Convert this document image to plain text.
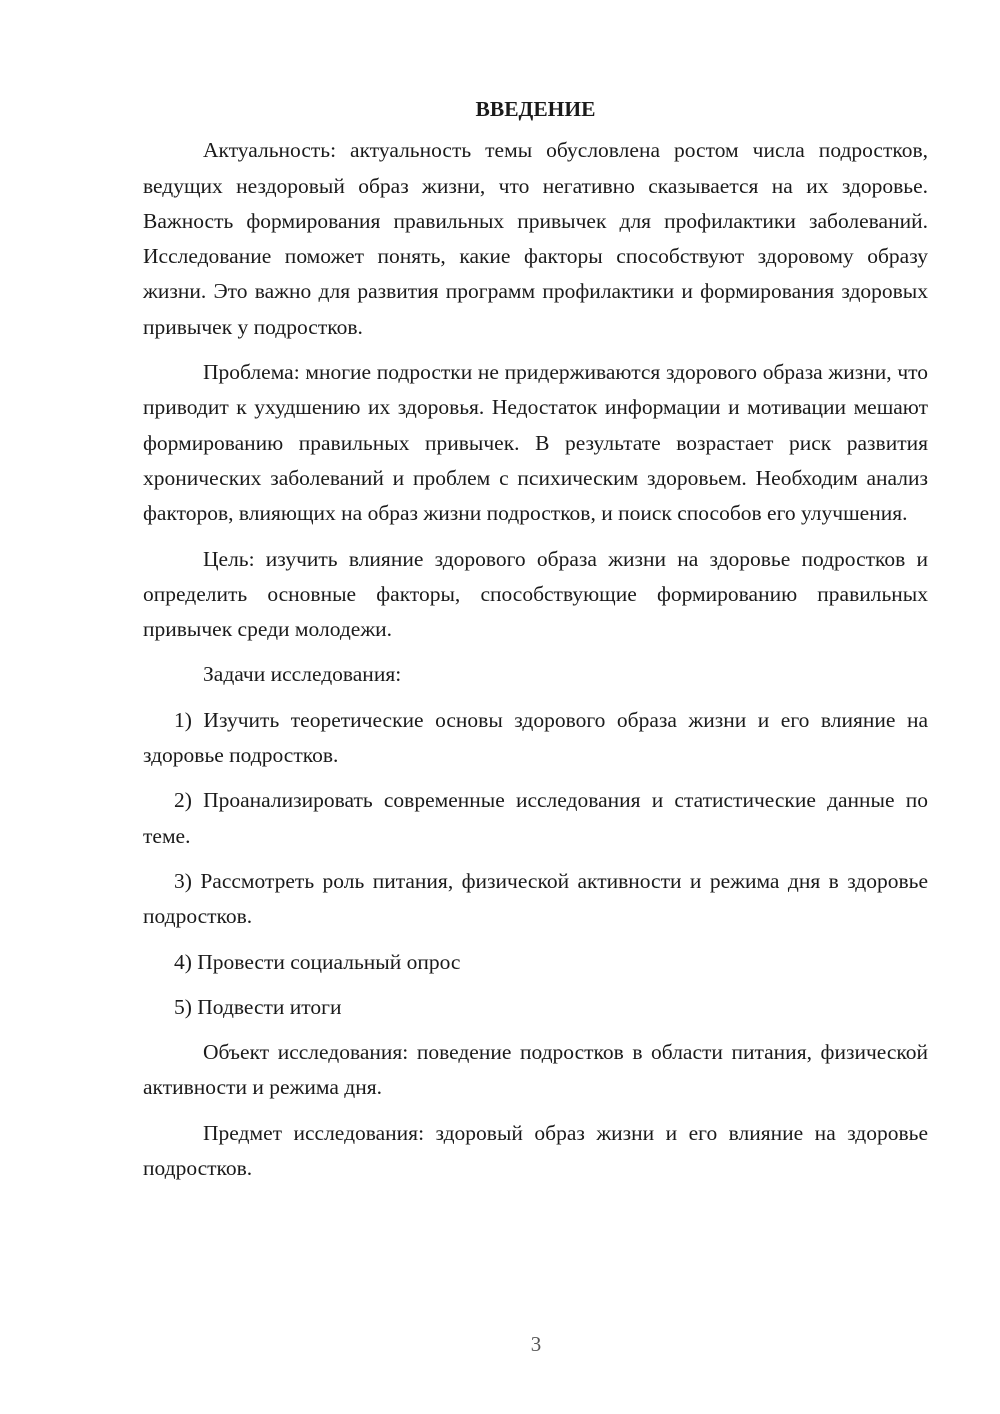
ВВЕДЕНИЕ

Актуальность: актуальность темы обусловлена ростом числа подростков, ведущих нездоровый образ жизни, что негативно сказывается на их здоровье. Важность формирования правильных привычек для профилактики заболеваний. Исследование поможет понять, какие факторы способствуют здоровому образу жизни. Это важно для развития программ профилактики и формирования здоровых привычек у подростков.

Проблема: многие подростки не придерживаются здорового образа жизни, что приводит к ухудшению их здоровья. Недостаток информации и мотивации мешают формированию правильных привычек. В результате возрастает риск развития хронических заболеваний и проблем с психическим здоровьем. Необходим анализ факторов, влияющих на образ жизни подростков, и поиск способов его улучшения.

Цель: изучить влияние здорового образа жизни на здоровье подростков и определить основные факторы, способствующие формированию правильных привычек среди молодежи.

Задачи исследования:

1) Изучить теоретические основы здорового образа жизни и его влияние на здоровье подростков.

2) Проанализировать современные исследования и статистические данные по теме.

3) Рассмотреть роль питания, физической активности и режима дня в здоровье подростков.

4) Провести социальный опрос

5) Подвести итоги

Объект исследования: поведение подростков в области питания, физической активности и режима дня.

Предмет исследования: здоровый образ жизни и его влияние на здоровье подростков.

3
